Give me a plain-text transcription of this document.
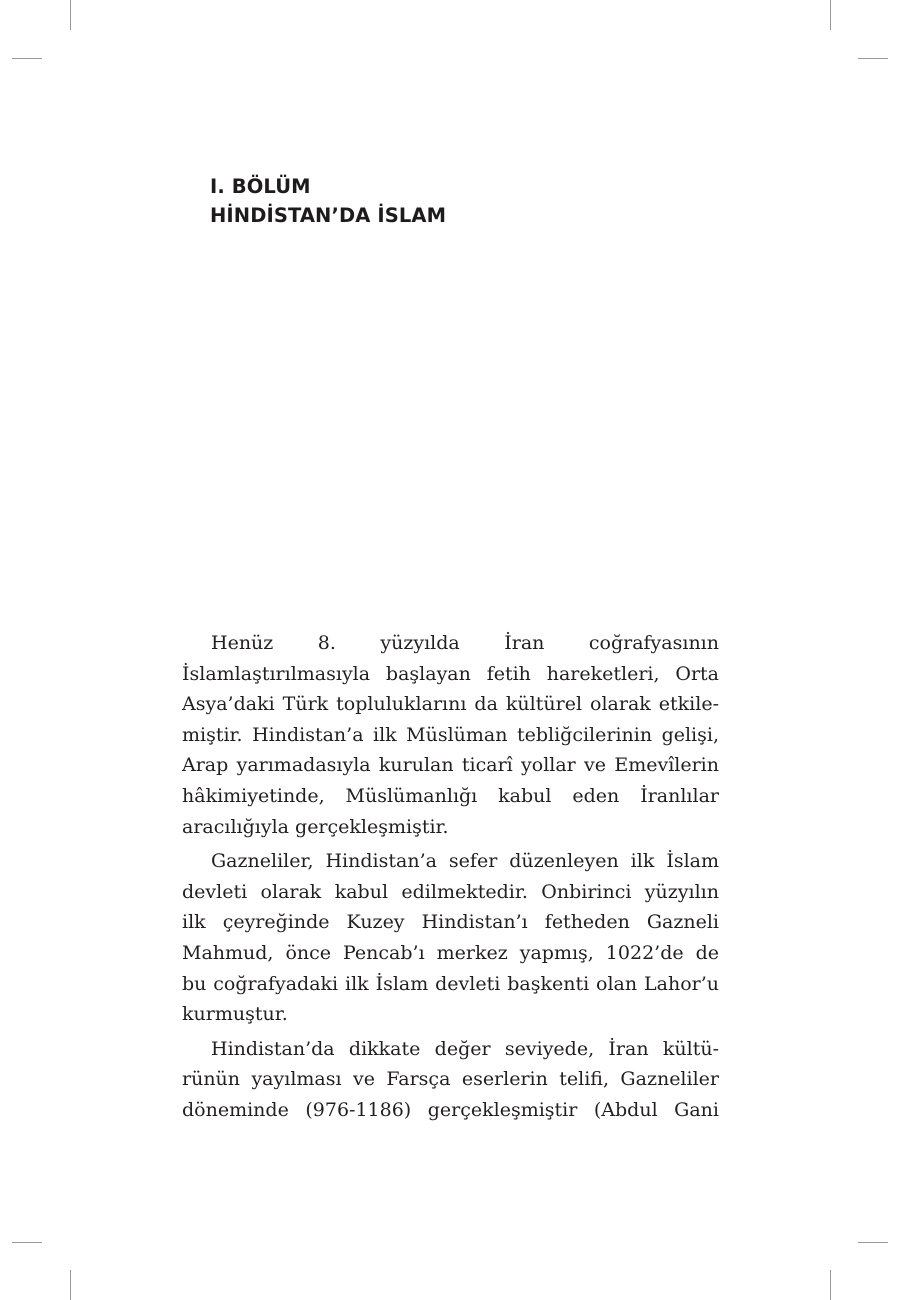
I. BÖLÜM
HİNDİSTAN’DA İSLAM
Henüz 8. yüzyılda İran coğrafyasının
İslamlaştırılmasıyla başlayan fetih hareketleri, Orta
Asya’daki Türk topluluklarını da kültürel olarak etkile-
miştir. Hindistan’a ilk Müslüman tebliğcilerinin gelişi,
Arap yarımadasıyla kurulan ticarî yollar ve Emevîlerin
hâkimiyetinde, Müslümanlığı kabul eden İranlılar
aracılığıyla gerçekleşmiştir.
Gazneliler, Hindistan’a sefer düzenleyen ilk İslam
devleti olarak kabul edilmektedir. Onbirinci yüzyılın
ilk çeyreğinde Kuzey Hindistan’ı fetheden Gazneli
Mahmud, önce Pencab’ı merkez yapmış, 1022’de de
bu coğrafyadaki ilk İslam devleti başkenti olan Lahor’u
kurmuştur.
Hindistan’da dikkate değer seviyede, İran kültü-
rünün yayılması ve Farsça eserlerin telifi, Gazneliler
döneminde (976-1186) gerçekleşmiştir (Abdul Gani
